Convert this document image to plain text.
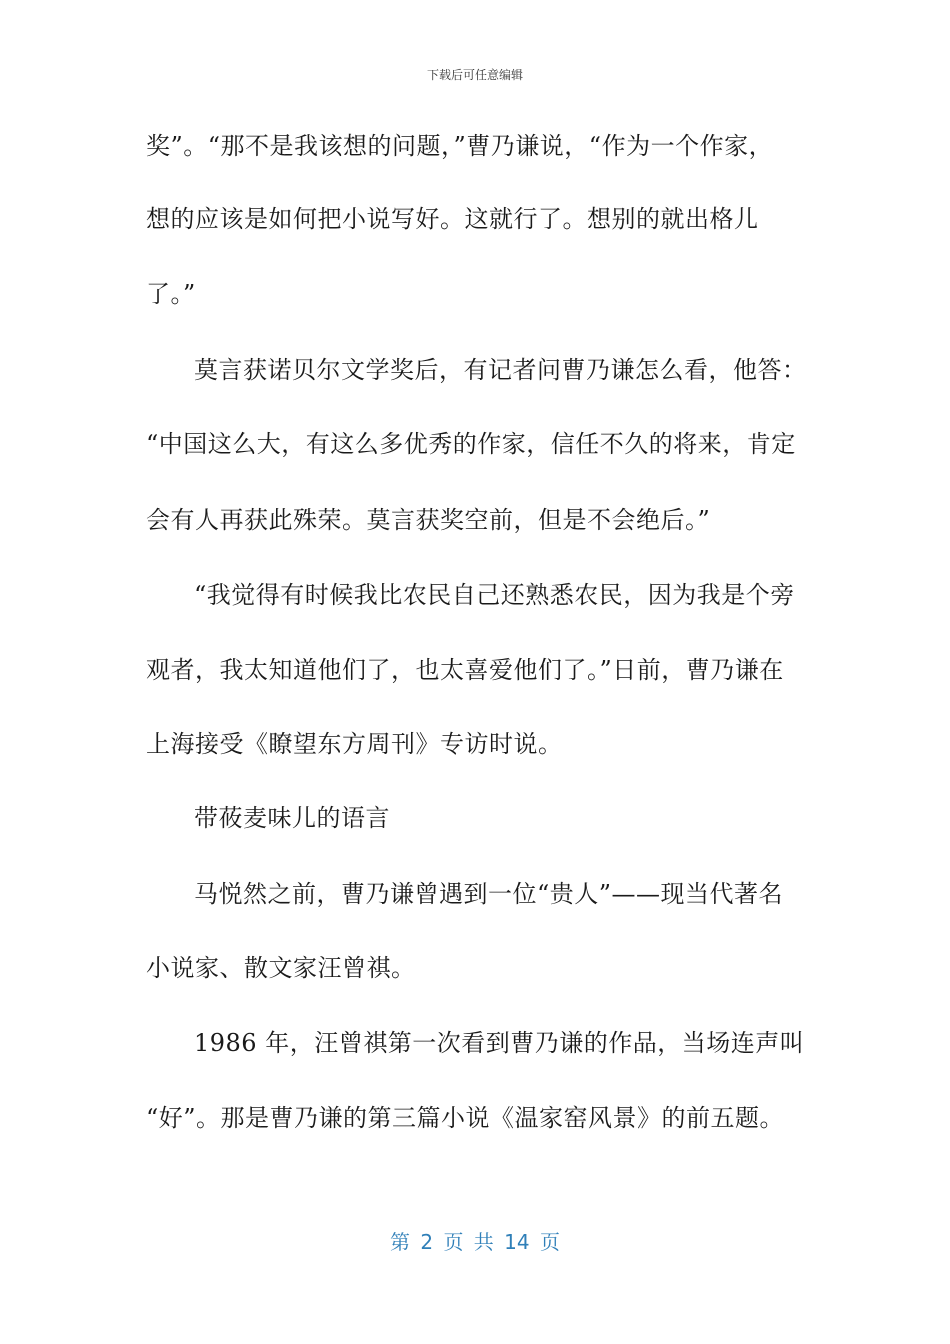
下载后可任意编辑
奖”。“那不是我该想的问题，”曹乃谦说，“作为一个作家，
想的应该是如何把小说写好。这就行了。想别的就出格儿
了。”
莫言获诺贝尔文学奖后，有记者问曹乃谦怎么看，他答：
“中国这么大，有这么多优秀的作家，信任不久的将来，肯定
会有人再获此殊荣。莫言获奖空前，但是不会绝后。”
“我觉得有时候我比农民自己还熟悉农民，因为我是个旁
观者，我太知道他们了，也太喜爱他们了。”日前，曹乃谦在
上海接受《瞭望东方周刊》专访时说。
带莜麦味儿的语言
马悦然之前，曹乃谦曾遇到一位“贵人”——现当代著名
小说家、散文家汪曾祺。
1986 年，汪曾祺第一次看到曹乃谦的作品，当场连声叫
“好”。那是曹乃谦的第三篇小说《温家窑风景》的前五题。
第 2 页 共 14 页
